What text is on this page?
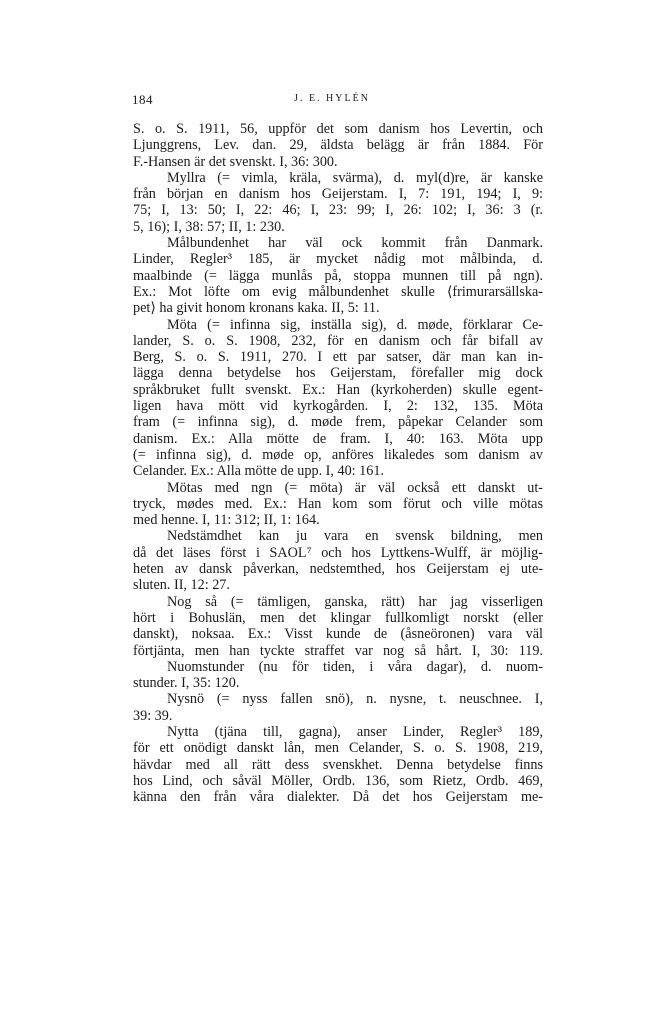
184	J. E. HYLÉN
S. o. S. 1911, 56, uppför det som danism hos Levertin, och
Ljunggrens, Lev. dan. 29, äldsta belägg är från 1884. För
F.-Hansen är det svenskt. I, 36: 300.
Myllra (= vimla, kräla, svärma), d. myl(d)re, är kanske
från början en danism hos Geijerstam. I, 7: 191, 194; I, 9:
75; I, 13: 50; I, 22: 46; I, 23: 99; I, 26: 102; I, 36: 3 (r.
5, 16); I, 38: 57; II, 1: 230.
Målbundenhet har väl ock kommit från Danmark.
Linder, Regler³ 185, är mycket nådig mot målbinda, d.
maalbinde (= lägga munlås på, stoppa munnen till på ngn).
Ex.: Mot löfte om evig målbundenhet skulle ⟨frimurarsällska-
pet⟩ ha givit honom kronans kaka. II, 5: 11.
Möta (= infinna sig, inställa sig), d. møde, förklarar Ce-
lander, S. o. S. 1908, 232, för en danism och får bifall av
Berg, S. o. S. 1911, 270. I ett par satser, där man kan in-
lägga denna betydelse hos Geijerstam, förefaller mig dock
språkbruket fullt svenskt. Ex.: Han (kyrkoherden) skulle egent-
ligen hava mött vid kyrkogården. I, 2: 132, 135. Möta
fram (= infinna sig), d. møde frem, påpekar Celander som
danism. Ex.: Alla mötte de fram. I, 40: 163. Möta upp
(= infinna sig), d. møde op, anföres likaledes som danism av
Celander. Ex.: Alla mötte de upp. I, 40: 161.
Mötas med ngn (= möta) är väl också ett danskt ut-
tryck, mødes med. Ex.: Han kom som förut och ville mötas
med henne. I, 11: 312; II, 1: 164.
Nedstämdhet kan ju vara en svensk bildning, men
då det läses först i SAOL⁷ och hos Lyttkens-Wulff, är möjlig-
heten av dansk påverkan, nedstemthed, hos Geijerstam ej ute-
sluten. II, 12: 27.
Nog så (= tämligen, ganska, rätt) har jag visserligen
hört i Bohuslän, men det klingar fullkomligt norskt (eller
danskt), noksaa. Ex.: Visst kunde de (åsneöronen) vara väl
förtjänta, men han tyckte straffet var nog så hårt. I, 30: 119.
Nuomstunder (nu för tiden, i våra dagar), d. nuom-
stunder. I, 35: 120.
Nysnö (= nyss fallen snö), n. nysne, t. neuschnee. I,
39: 39.
Nytta (tjäna till, gagna), anser Linder, Regler³ 189,
för ett onödigt danskt lån, men Celander, S. o. S. 1908, 219,
hävdar med all rätt dess svenskhet. Denna betydelse finns
hos Lind, och såväl Möller, Ordb. 136, som Rietz, Ordb. 469,
känna den från våra dialekter. Då det hos Geijerstam me-
